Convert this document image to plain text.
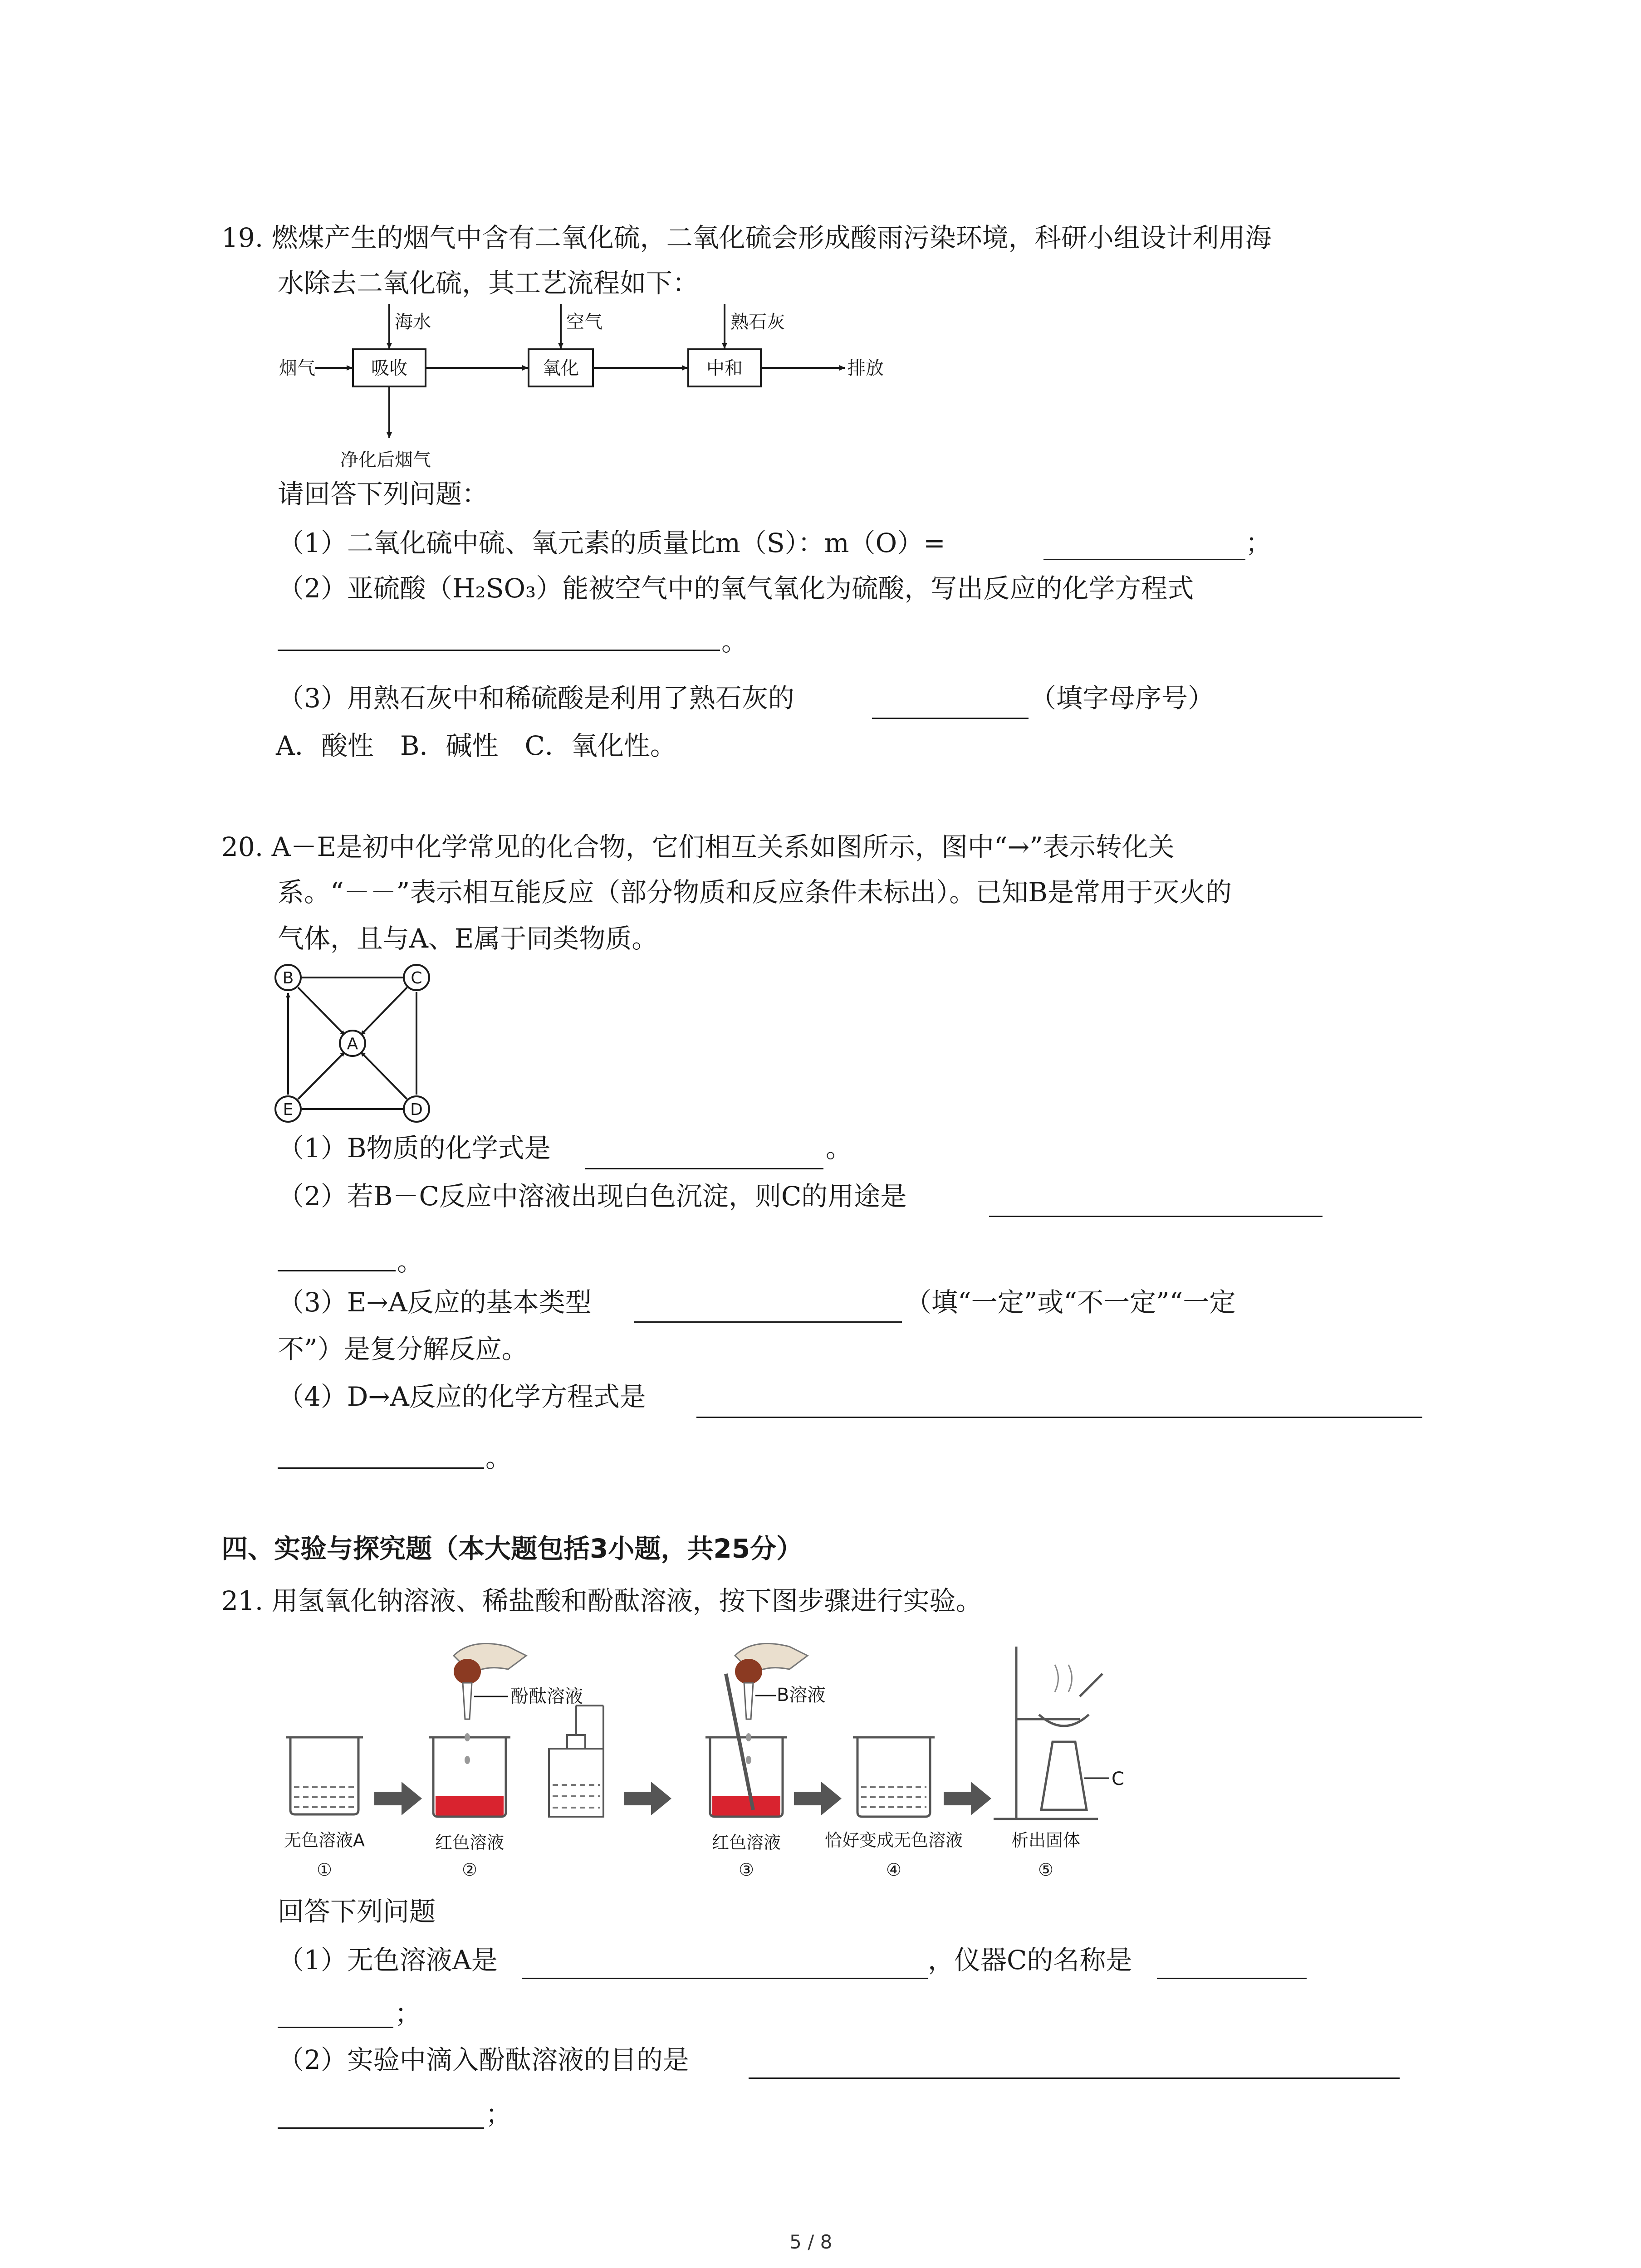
19. 燃煤产生的烟气中含有二氧化硫，二氧化硫会形成酸雨污染环境，科研小组设计利用海
水除去二氧化硫，其工艺流程如下：
海水	空气	熟石灰
烟气	吸收	氧化	中和	排放
净化后烟气
请回答下列问题：
（1）二氧化硫中硫、氧元素的质量比m（S）：m（O）=	；
（2）亚硫酸（H₂SO₃）能被空气中的氧气氧化为硫酸，写出反应的化学方程式
。
（3）用熟石灰中和稀硫酸是利用了熟石灰的	（填字母序号）
A．酸性　B．碱性　C．氧化性。
20. A－E是初中化学常见的化合物，它们相互关系如图所示，图中“→”表示转化关
系。“－－”表示相互能反应（部分物质和反应条件未标出）。已知B是常用于灭火的
气体，且与A、E属于同类物质。
B	C
A
E	D
（1）B物质的化学式是	。
（2）若B－C反应中溶液出现白色沉淀，则C的用途是
。
（3）E→A反应的基本类型	（填“一定”或“不一定”“一定
不”）是复分解反应。
（4）D→A反应的化学方程式是
。
四、实验与探究题（本大题包括3小题，共25分）
21. 用氢氧化钠溶液、稀盐酸和酚酞溶液，按下图步骤进行实验。
酚酞溶液	B溶液
C
无色溶液A	红色溶液	红色溶液	恰好变成无色溶液	析出固体
①	②	③	④	⑤
回答下列问题
（1）无色溶液A是	，仪器C的名称是
；
（2）实验中滴入酚酞溶液的目的是
；
5 / 8
